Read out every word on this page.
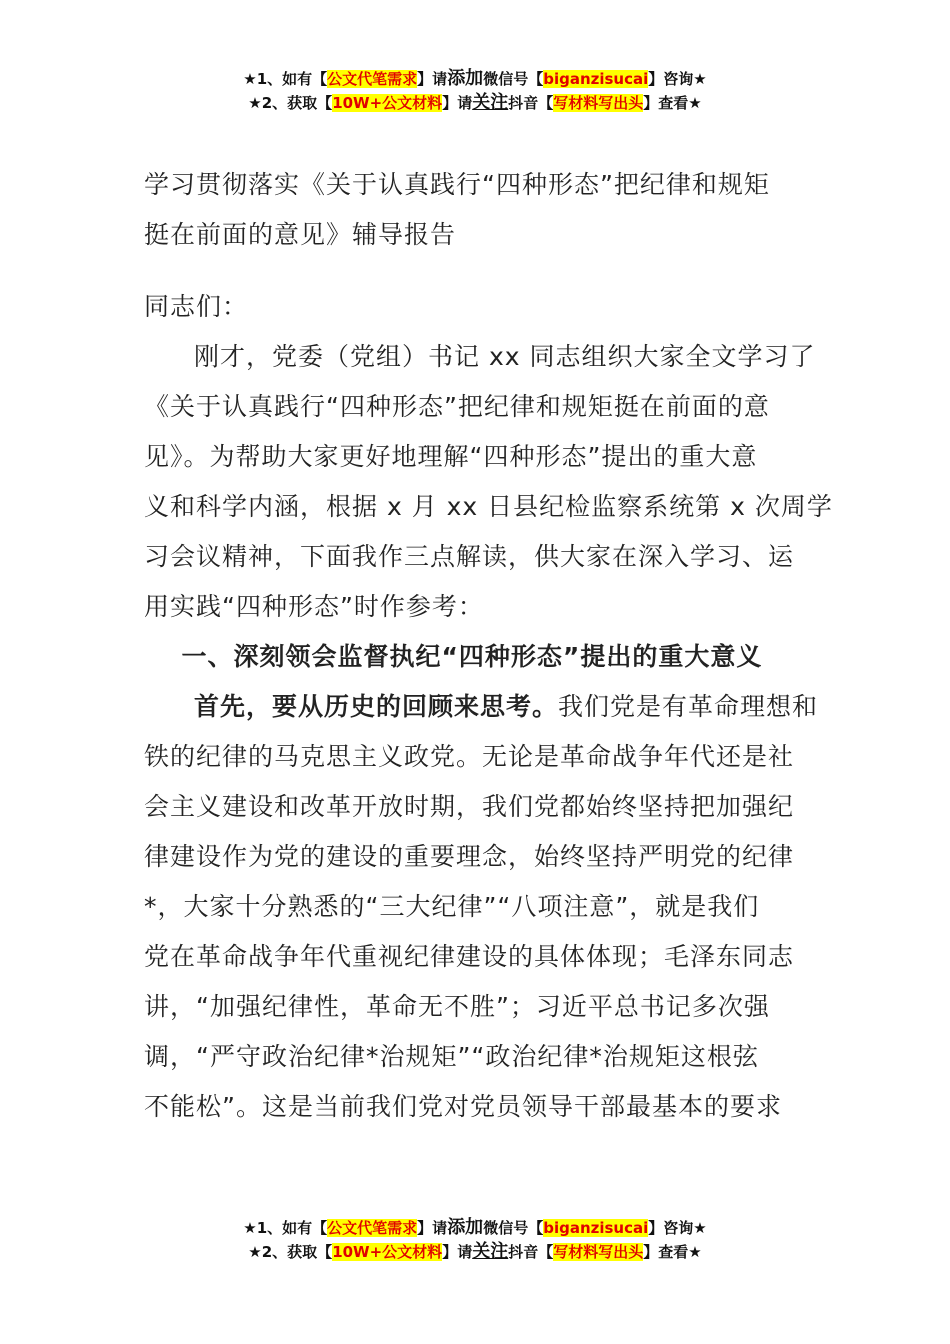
★1、如有【公文代笔需求】请添加微信号【biganzisucai】咨询★
★2、获取【10W+公文材料】请关注抖音【写材料写出头】查看★
学习贯彻落实《关于认真践行“四种形态”把纪律和规矩
挺在前面的意见》辅导报告

同志们：

刚才，党委（党组）书记 xx 同志组织大家全文学习了
《关于认真践行“四种形态”把纪律和规矩挺在前面的意
见》。为帮助大家更好地理解“四种形态”提出的重大意
义和科学内涵，根据 x 月 xx 日县纪检监察系统第 x 次周学
习会议精神，下面我作三点解读，供大家在深入学习、运
用实践“四种形态”时作参考：

一、深刻领会监督执纪“四种形态”提出的重大意义

首先，要从历史的回顾来思考。我们党是有革命理想和
铁的纪律的马克思主义政党。无论是革命战争年代还是社
会主义建设和改革开放时期，我们党都始终坚持把加强纪
律建设作为党的建设的重要理念，始终坚持严明党的纪律
*，大家十分熟悉的“三大纪律”“八项注意”，就是我们
党在革命战争年代重视纪律建设的具体体现；毛泽东同志
讲，“加强纪律性，革命无不胜”；习近平总书记多次强
调，“严守政治纪律*治规矩”“政治纪律*治规矩这根弦
不能松”。这是当前我们党对党员领导干部最基本的要求

★1、如有【公文代笔需求】请添加微信号【biganzisucai】咨询★
★2、获取【10W+公文材料】请关注抖音【写材料写出头】查看★
